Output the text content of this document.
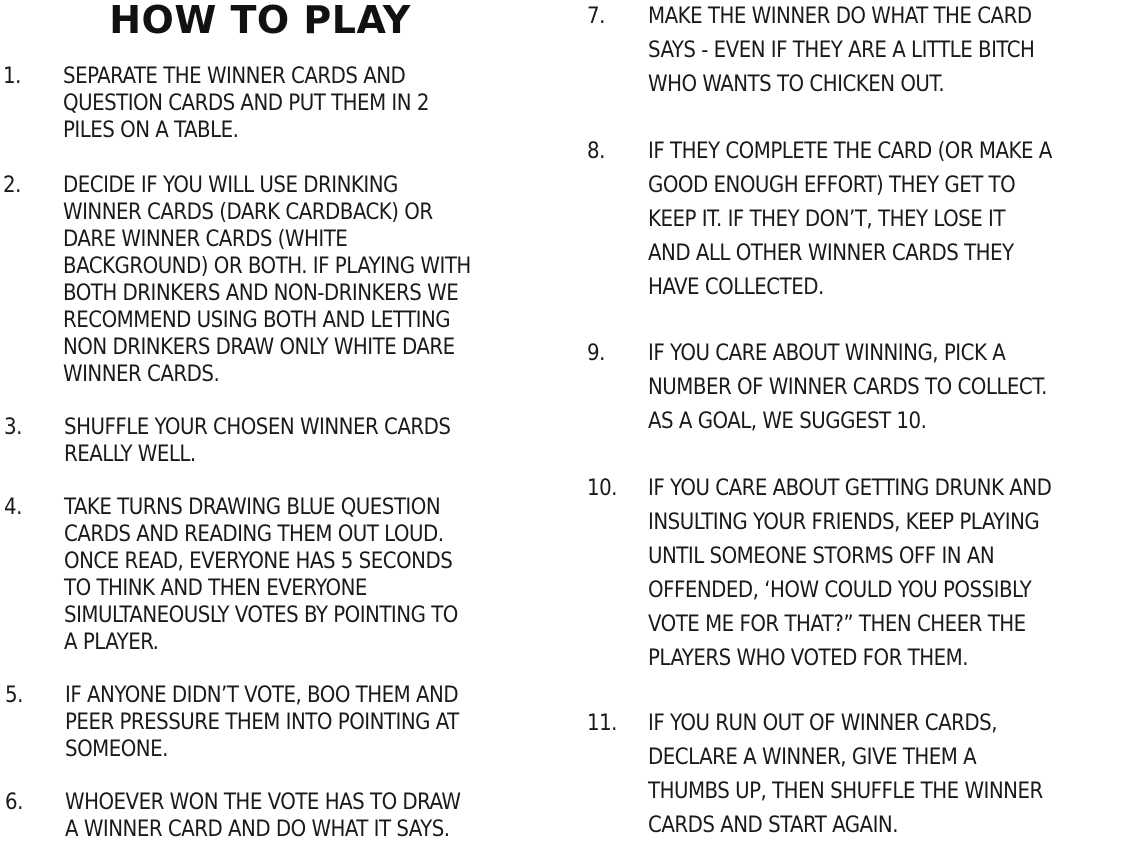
HOW TO PLAY
1. SEPARATE THE WINNER CARDS AND
QUESTION CARDS AND PUT THEM IN 2
PILES ON A TABLE.
2. DECIDE IF YOU WILL USE DRINKING
WINNER CARDS (DARK CARDBACK) OR
DARE WINNER CARDS (WHITE
BACKGROUND) OR BOTH. IF PLAYING WITH
BOTH DRINKERS AND NON-DRINKERS WE
RECOMMEND USING BOTH AND LETTING
NON DRINKERS DRAW ONLY WHITE DARE
WINNER CARDS.
3. SHUFFLE YOUR CHOSEN WINNER CARDS
REALLY WELL.
4. TAKE TURNS DRAWING BLUE QUESTION
CARDS AND READING THEM OUT LOUD.
ONCE READ, EVERYONE HAS 5 SECONDS
TO THINK AND THEN EVERYONE
SIMULTANEOUSLY VOTES BY POINTING TO
A PLAYER.
5. IF ANYONE DIDN’T VOTE, BOO THEM AND
PEER PRESSURE THEM INTO POINTING AT
SOMEONE.
6. WHOEVER WON THE VOTE HAS TO DRAW
A WINNER CARD AND DO WHAT IT SAYS.
7. MAKE THE WINNER DO WHAT THE CARD
SAYS - EVEN IF THEY ARE A LITTLE BITCH
WHO WANTS TO CHICKEN OUT.
8. IF THEY COMPLETE THE CARD (OR MAKE A
GOOD ENOUGH EFFORT) THEY GET TO
KEEP IT. IF THEY DON’T, THEY LOSE IT
AND ALL OTHER WINNER CARDS THEY
HAVE COLLECTED.
9. IF YOU CARE ABOUT WINNING, PICK A
NUMBER OF WINNER CARDS TO COLLECT.
AS A GOAL, WE SUGGEST 10.
10. IF YOU CARE ABOUT GETTING DRUNK AND
INSULTING YOUR FRIENDS, KEEP PLAYING
UNTIL SOMEONE STORMS OFF IN AN
OFFENDED, ‘HOW COULD YOU POSSIBLY
VOTE ME FOR THAT?” THEN CHEER THE
PLAYERS WHO VOTED FOR THEM.
11. IF YOU RUN OUT OF WINNER CARDS,
DECLARE A WINNER, GIVE THEM A
THUMBS UP, THEN SHUFFLE THE WINNER
CARDS AND START AGAIN.
